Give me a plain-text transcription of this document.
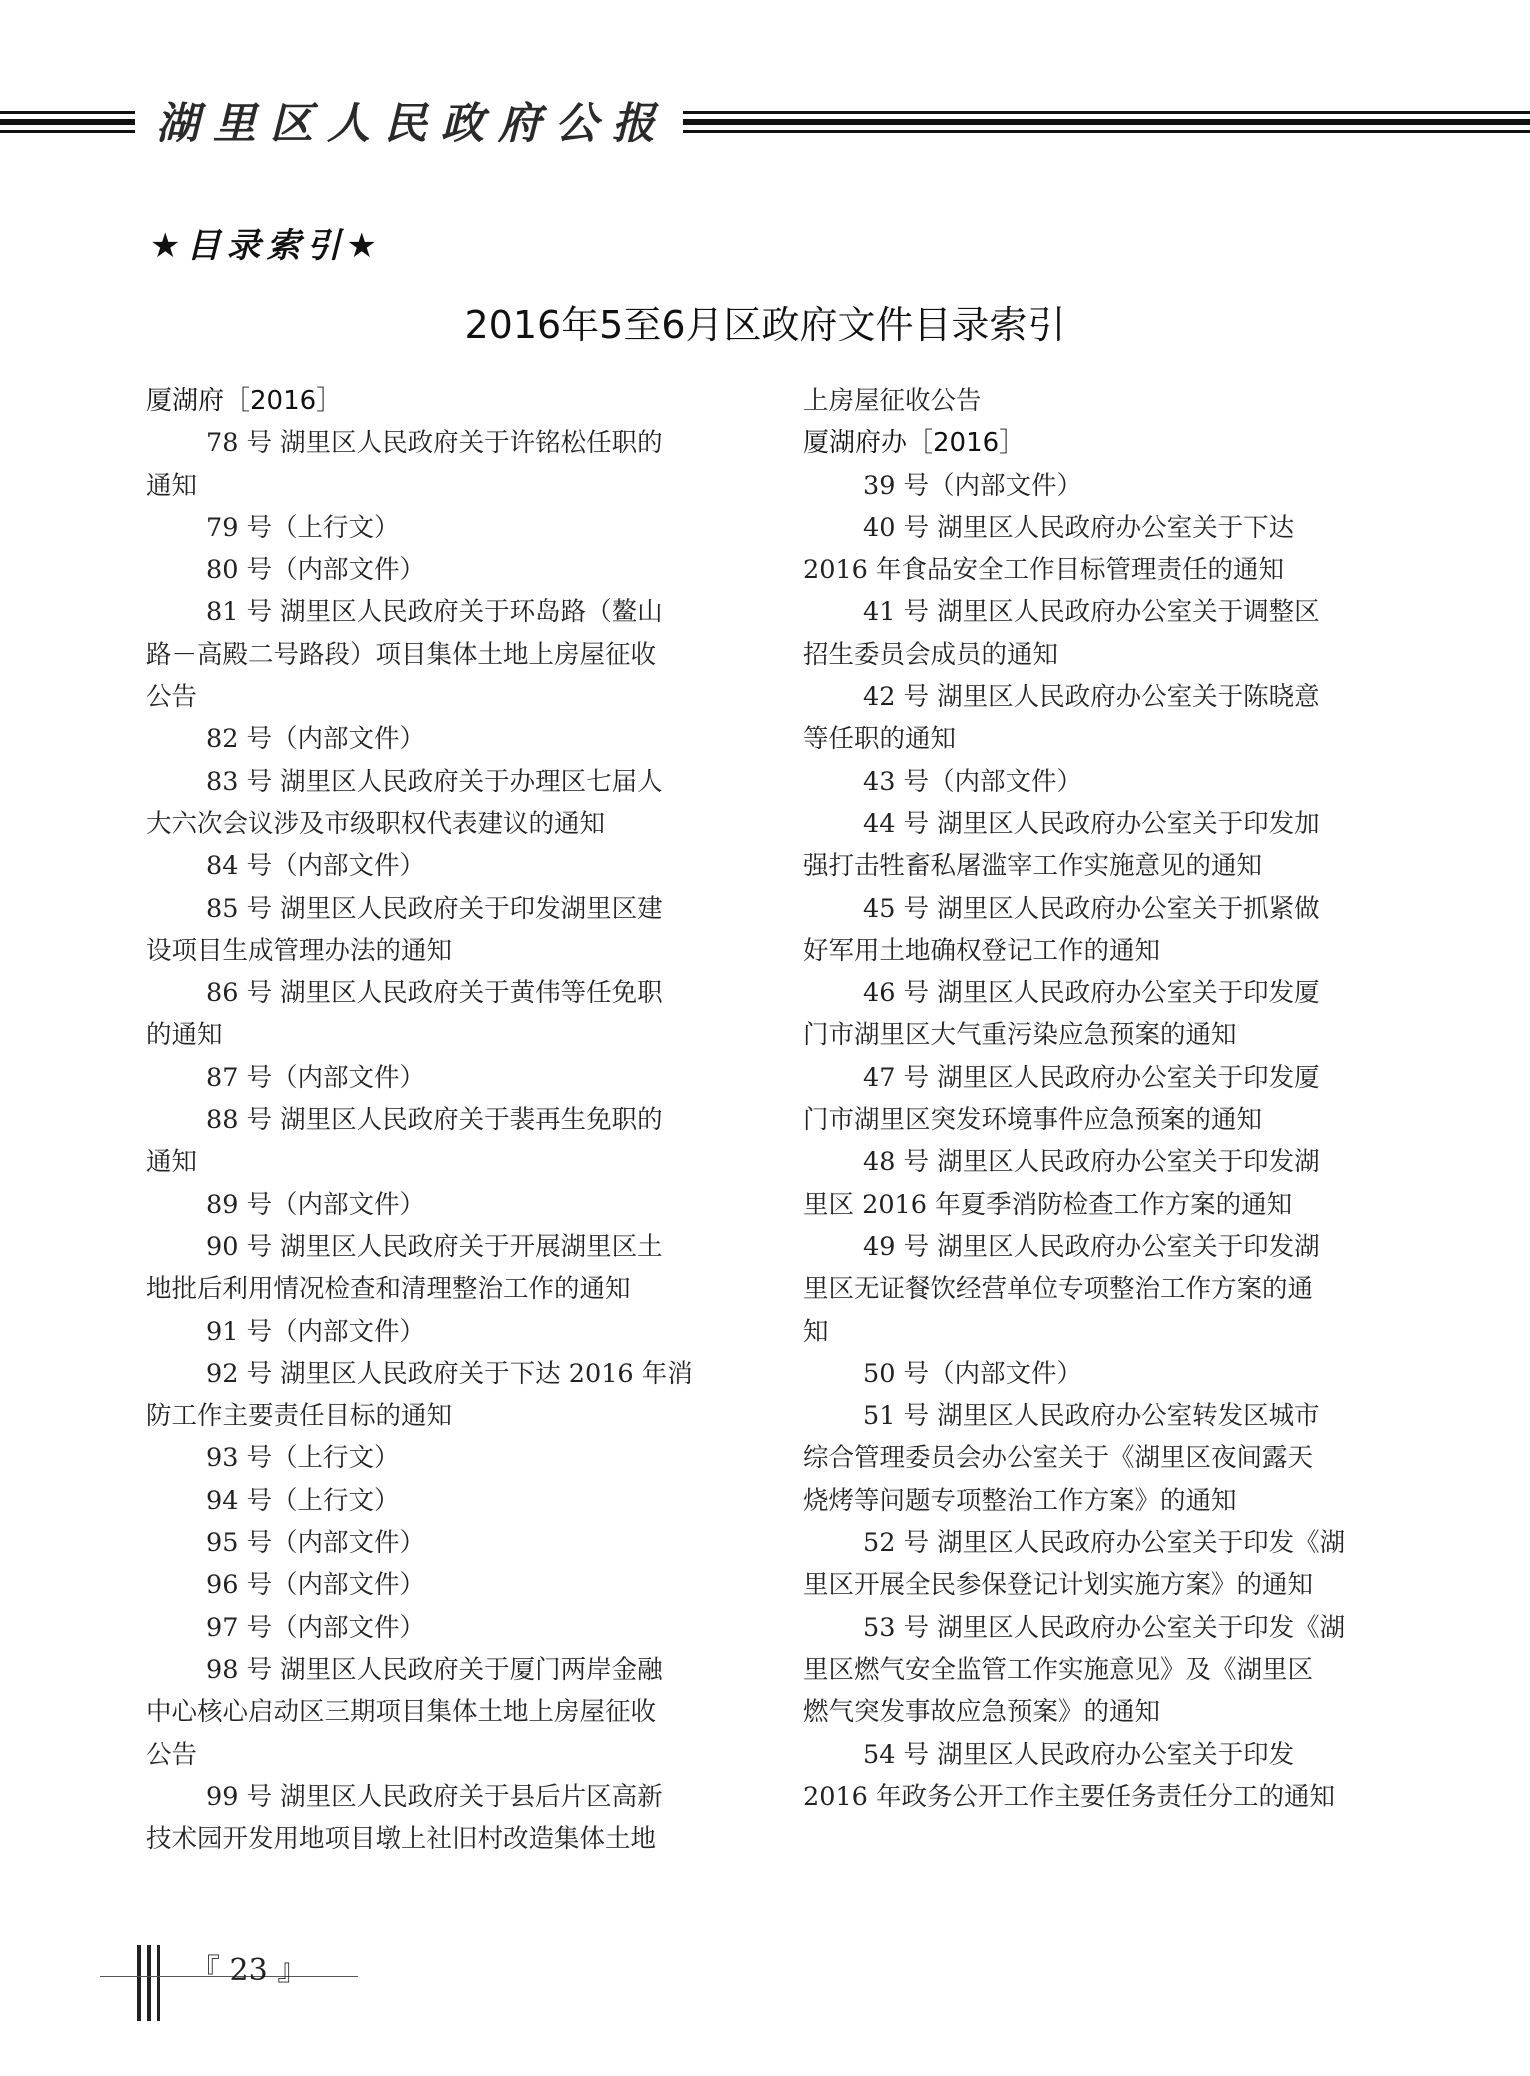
湖里区人民政府公报
★目录索引★
2016年5至6月区政府文件目录索引
厦湖府［2016］
78 号 湖里区人民政府关于许铭松任职的
通知
79 号（上行文）
80 号（内部文件）
81 号 湖里区人民政府关于环岛路（鳌山
路－高殿二号路段）项目集体土地上房屋征收
公告
82 号（内部文件）
83 号 湖里区人民政府关于办理区七届人
大六次会议涉及市级职权代表建议的通知
84 号（内部文件）
85 号 湖里区人民政府关于印发湖里区建
设项目生成管理办法的通知
86 号 湖里区人民政府关于黄伟等任免职
的通知
87 号（内部文件）
88 号 湖里区人民政府关于裴再生免职的
通知
89 号（内部文件）
90 号 湖里区人民政府关于开展湖里区土
地批后利用情况检查和清理整治工作的通知
91 号（内部文件）
92 号 湖里区人民政府关于下达 2016 年消
防工作主要责任目标的通知
93 号（上行文）
94 号（上行文）
95 号（内部文件）
96 号（内部文件）
97 号（内部文件）
98 号 湖里区人民政府关于厦门两岸金融
中心核心启动区三期项目集体土地上房屋征收
公告
99 号 湖里区人民政府关于县后片区高新
技术园开发用地项目墩上社旧村改造集体土地
上房屋征收公告
厦湖府办［2016］
39 号（内部文件）
40 号 湖里区人民政府办公室关于下达
2016 年食品安全工作目标管理责任的通知
41 号 湖里区人民政府办公室关于调整区
招生委员会成员的通知
42 号 湖里区人民政府办公室关于陈晓意
等任职的通知
43 号（内部文件）
44 号 湖里区人民政府办公室关于印发加
强打击牲畜私屠滥宰工作实施意见的通知
45 号 湖里区人民政府办公室关于抓紧做
好军用土地确权登记工作的通知
46 号 湖里区人民政府办公室关于印发厦
门市湖里区大气重污染应急预案的通知
47 号 湖里区人民政府办公室关于印发厦
门市湖里区突发环境事件应急预案的通知
48 号 湖里区人民政府办公室关于印发湖
里区 2016 年夏季消防检查工作方案的通知
49 号 湖里区人民政府办公室关于印发湖
里区无证餐饮经营单位专项整治工作方案的通
知
50 号（内部文件）
51 号 湖里区人民政府办公室转发区城市
综合管理委员会办公室关于《湖里区夜间露天
烧烤等问题专项整治工作方案》的通知
52 号 湖里区人民政府办公室关于印发《湖
里区开展全民参保登记计划实施方案》的通知
53 号 湖里区人民政府办公室关于印发《湖
里区燃气安全监管工作实施意见》及《湖里区
燃气突发事故应急预案》的通知
54 号 湖里区人民政府办公室关于印发
2016 年政务公开工作主要任务责任分工的通知
『 23 』
